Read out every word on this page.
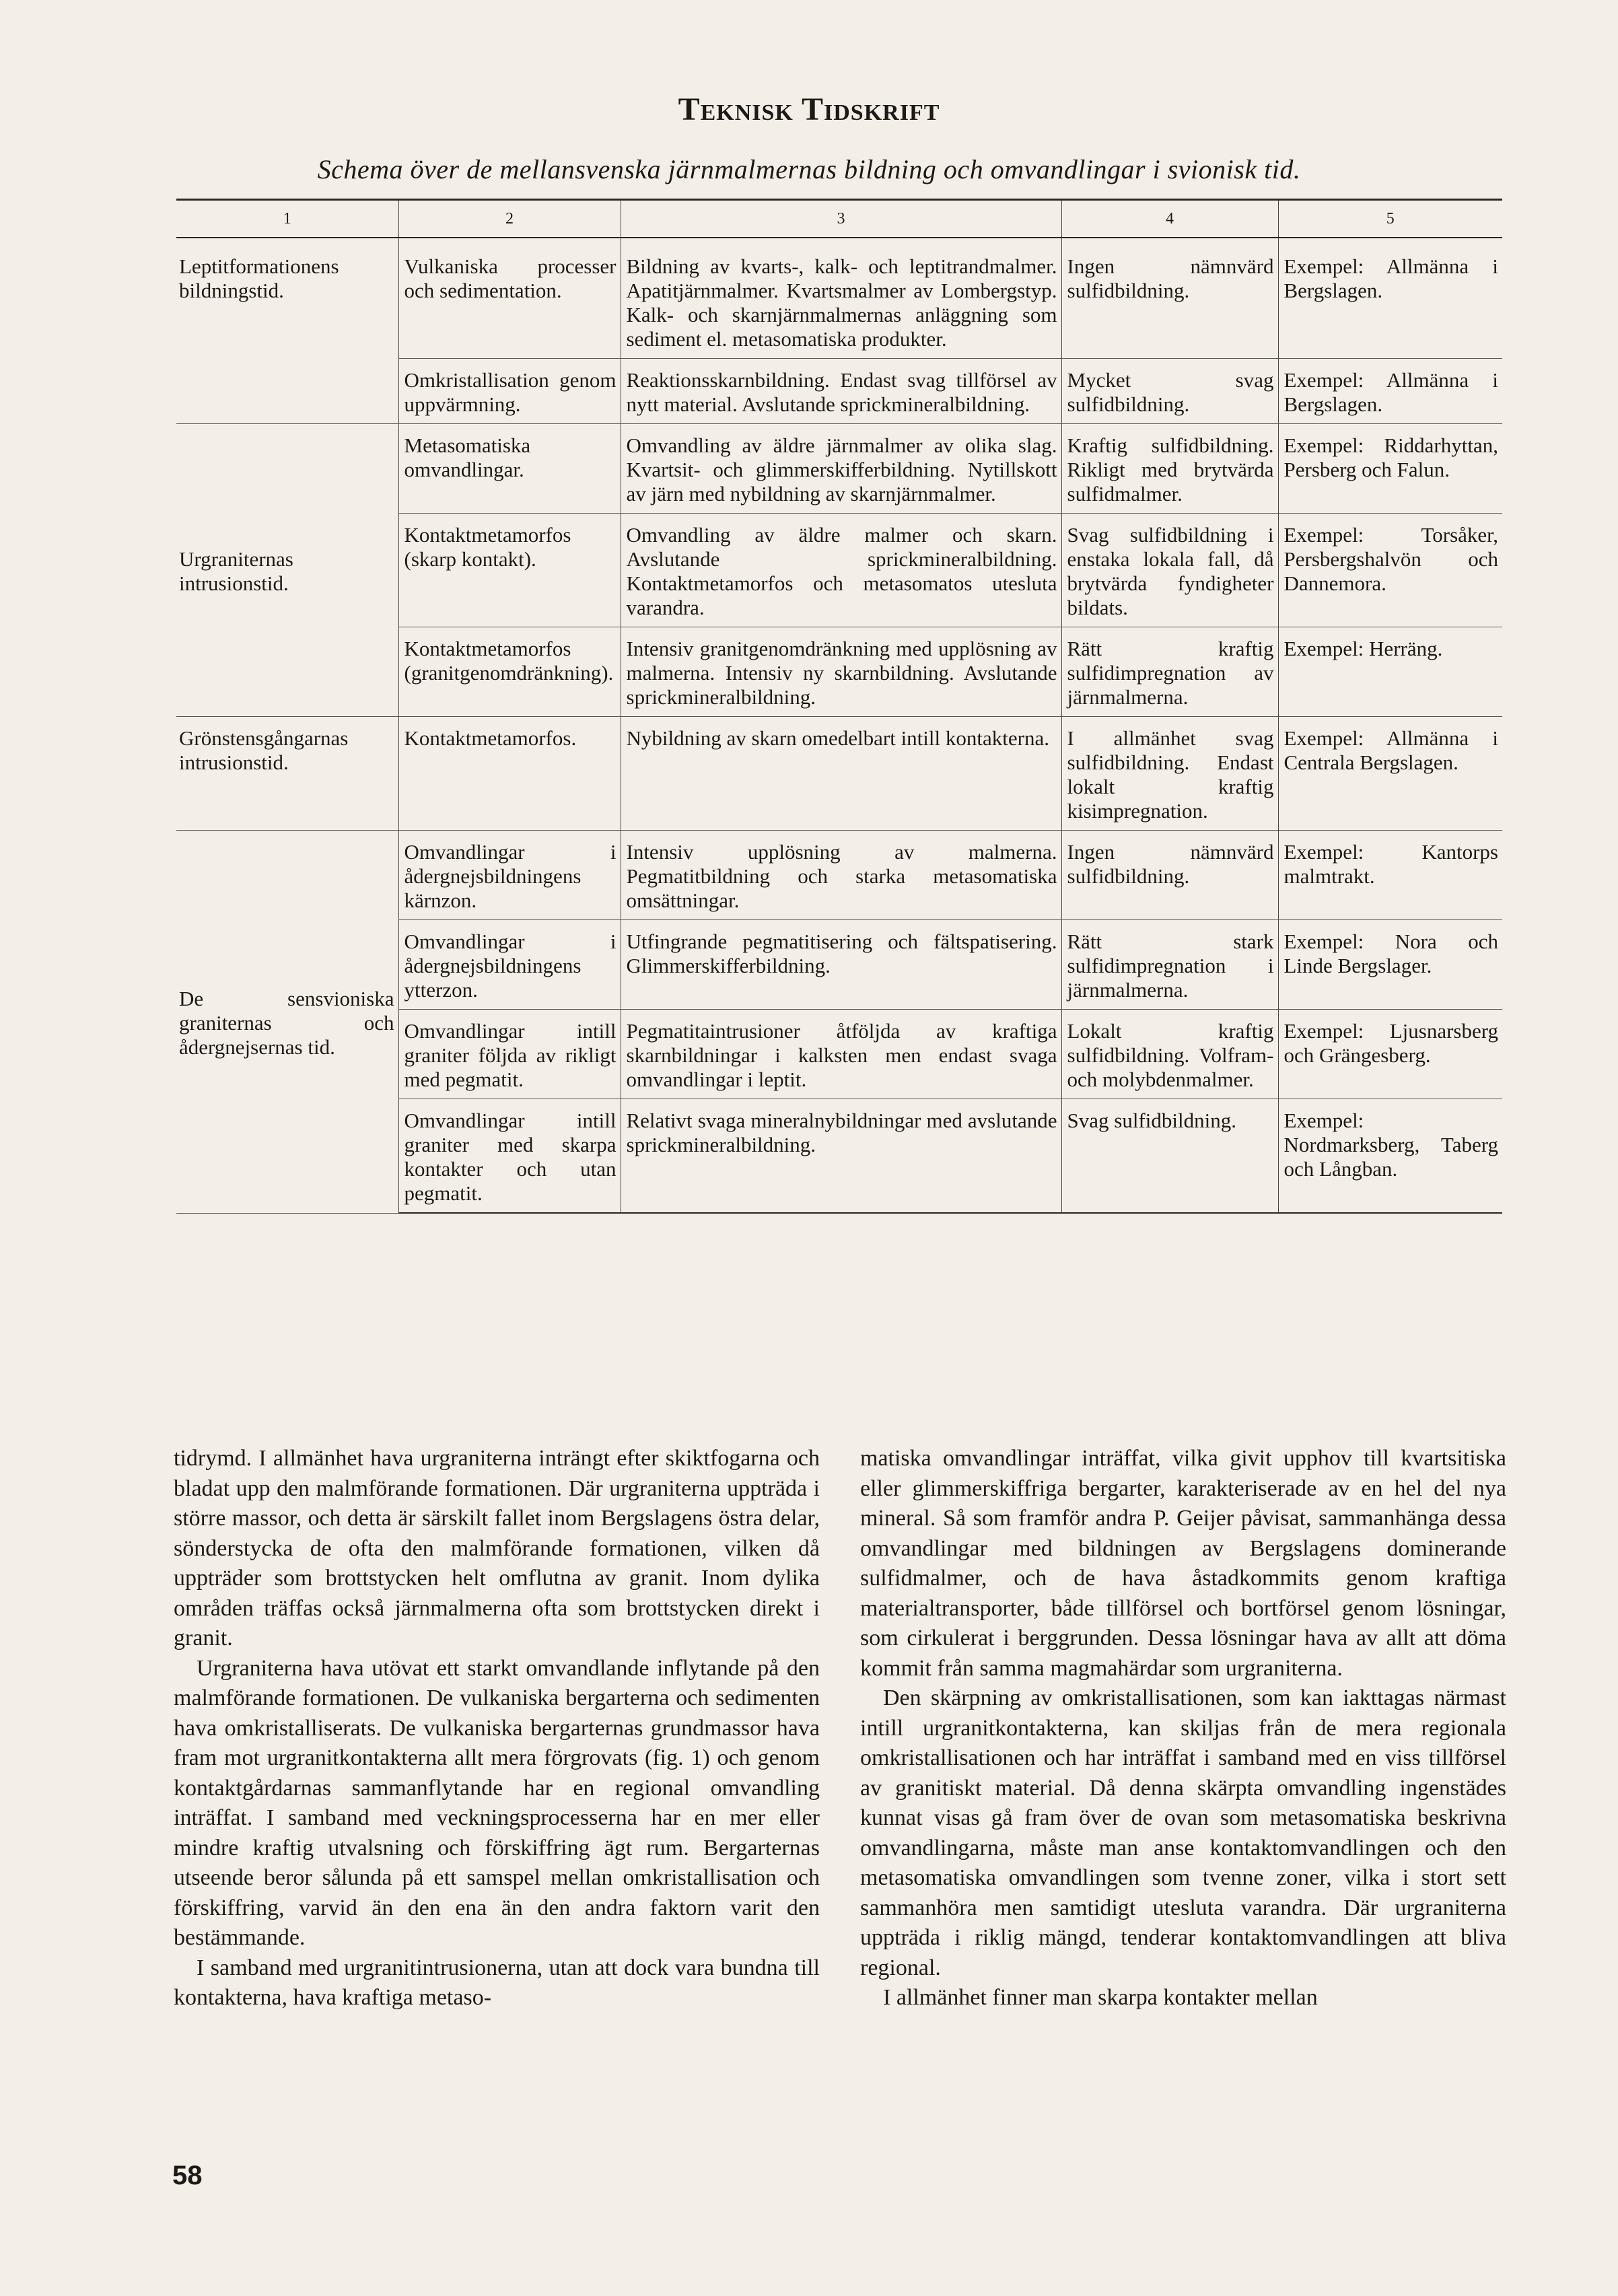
Teknisk Tidskrift
Schema över de mellansvenska järnmalmernas bildning och omvandlingar i svionisk tid.
1	2	3	4	5
Leptitformationens bildningstid.	Vulkaniska processer och sedimentation.	Bildning av kvarts-, kalk- och leptitrandmalmer. Apatitjärnmalmer. Kvartsmalmer av Lombergstyp. Kalk- och skarnjärnmalmernas anläggning som sediment el. metasomatiska produkter.	Ingen nämnvärd sulfidbildning.	Exempel: Allmänna i Bergslagen.
	Omkristallisation genom uppvärmning.	Reaktionsskarnbildning. Endast svag tillförsel av nytt material. Avslutande sprickmineralbildning.	Mycket svag sulfidbildning.	Exempel: Allmänna i Bergslagen.
Urgraniternas intrusionstid.	Metasomatiska omvandlingar.	Omvandling av äldre järnmalmer av olika slag. Kvartsit- och glimmerskifferbildning. Nytillskott av järn med nybildning av skarnjärnmalmer.	Kraftig sulfidbildning. Rikligt med brytvärda sulfidmalmer.	Exempel: Riddarhyttan, Persberg och Falun.
	Kontaktmetamorfos (skarp kontakt).	Omvandling av äldre malmer och skarn. Avslutande sprickmineralbildning. Kontaktmetamorfos och metasomatos utesluta varandra.	Svag sulfidbildning i enstaka lokala fall, då brytvärda fyndigheter bildats.	Exempel: Torsåker, Persbergshalvön och Dannemora.
	Kontaktmetamorfos (granitgenomdränkning).	Intensiv granitgenomdränkning med upplösning av malmerna. Intensiv ny skarnbildning. Avslutande sprickmineralbildning.	Rätt kraftig sulfidimpregnation av järnmalmerna.	Exempel: Herräng.
Grönstensgångarnas intrusionstid.	Kontaktmetamorfos.	Nybildning av skarn omedelbart intill kontakterna.	I allmänhet svag sulfidbildning. Endast lokalt kraftig kisimpregnation.	Exempel: Allmänna i Centrala Bergslagen.
De sensvioniska graniternas och ådergnejsernas tid.	Omvandlingar i ådergnejsbildningens kärnzon.	Intensiv upplösning av malmerna. Pegmatitbildning och starka metasomatiska omsättningar.	Ingen nämnvärd sulfidbildning.	Exempel: Kantorps malmtrakt.
	Omvandlingar i ådergnejsbildningens ytterzon.	Utfingrande pegmatitisering och fältspatisering. Glimmerskifferbildning.	Rätt stark sulfidimpregnation i järnmalmerna.	Exempel: Nora och Linde Bergslager.
	Omvandlingar intill graniter följda av rikligt med pegmatit.	Pegmatitaintrusioner åtföljda av kraftiga skarnbildningar i kalksten men endast svaga omvandlingar i leptit.	Lokalt kraftig sulfidbildning. Volfram- och molybdenmalmer.	Exempel: Ljusnarsberg och Grängesberg.
	Omvandlingar intill graniter med skarpa kontakter och utan pegmatit.	Relativt svaga mineralnybildningar med avslutande sprickmineralbildning.	Svag sulfidbildning.	Exempel: Nordmarksberg, Taberg och Långban.

tidrymd. I allmänhet hava urgraniterna inträngt efter skiktfogarna och bladat upp den malmförande formationen. Där urgraniterna uppträda i större massor, och detta är särskilt fallet inom Bergslagens östra delar, sönderstycka de ofta den malmförande formationen, vilken då uppträder som brottstycken helt omflutna av granit. Inom dylika områden träffas också järnmalmerna ofta som brottstycken direkt i granit.

Urgraniterna hava utövat ett starkt omvandlande inflytande på den malmförande formationen. De vulkaniska bergarterna och sedimenten hava omkristalliserats. De vulkaniska bergarternas grundmassor hava fram mot urgranitkontakterna allt mera förgrovats (fig. 1) och genom kontaktgårdarnas sammanflytande har en regional omvandling inträffat. I samband med veckningsprocesserna har en mer eller mindre kraftig utvalsning och förskiffring ägt rum. Bergarternas utseende beror sålunda på ett samspel mellan omkristallisation och förskiffring, varvid än den ena än den andra faktorn varit den bestämmande.

I samband med urgranitintrusionerna, utan att dock vara bundna till kontakterna, hava kraftiga metaso-

matiska omvandlingar inträffat, vilka givit upphov till kvartsitiska eller glimmerskiffriga bergarter, karakteriserade av en hel del nya mineral. Så som framför andra P. Geijer påvisat, sammanhänga dessa omvandlingar med bildningen av Bergslagens dominerande sulfidmalmer, och de hava åstadkommits genom kraftiga materialtransporter, både tillförsel och bortförsel genom lösningar, som cirkulerat i berggrunden. Dessa lösningar hava av allt att döma kommit från samma magmahärdar som urgraniterna.

Den skärpning av omkristallisationen, som kan iakttagas närmast intill urgranitkontakterna, kan skiljas från de mera regionala omkristallisationen och har inträffat i samband med en viss tillförsel av granitiskt material. Då denna skärpta omvandling ingenstädes kunnat visas gå fram över de ovan som metasomatiska beskrivna omvandlingarna, måste man anse kontaktomvandlingen och den metasomatiska omvandlingen som tvenne zoner, vilka i stort sett sammanhöra men samtidigt utesluta varandra. Där urgraniterna uppträda i riklig mängd, tenderar kontaktomvandlingen att bliva regional.

I allmänhet finner man skarpa kontakter mellan

58
